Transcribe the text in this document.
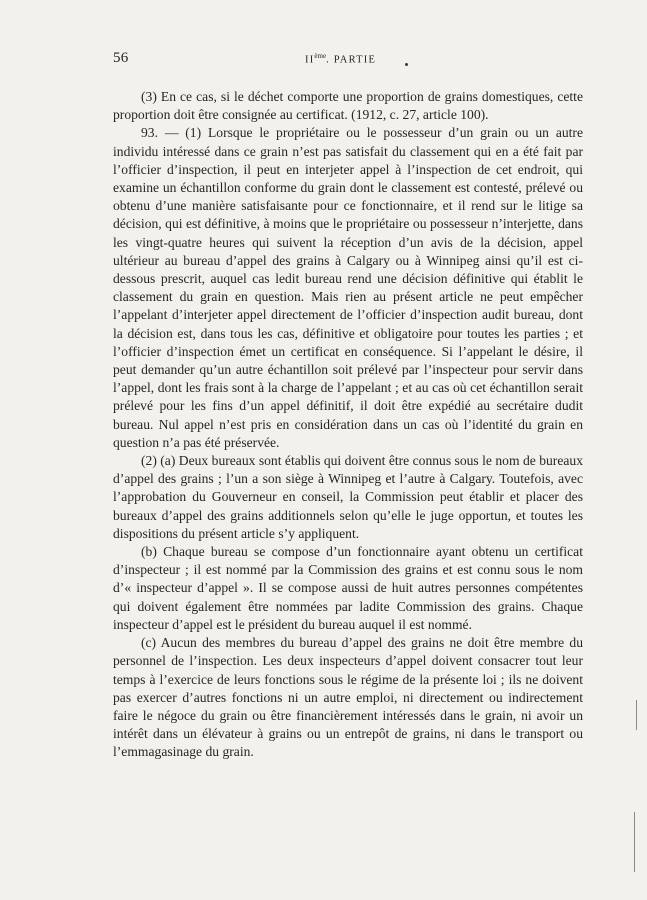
56	IIème. PARTIE

(3) En ce cas, si le déchet comporte une proportion de grains domestiques, cette proportion doit être consignée au certificat. (1912, c. 27, article 100).

93. — (1) Lorsque le propriétaire ou le possesseur d’un grain ou un autre individu intéressé dans ce grain n’est pas satisfait du classement qui en a été fait par l’officier d’inspection, il peut en interjeter appel à l’inspection de cet endroit, qui examine un échantillon conforme du grain dont le classement est contesté, prélevé ou obtenu d’une manière satisfaisante pour ce fonctionnaire, et il rend sur le litige sa décision, qui est définitive, à moins que le propriétaire ou possesseur n’interjette, dans les vingt-quatre heures qui suivent la réception d’un avis de la décision, appel ultérieur au bureau d’appel des grains à Calgary ou à Winnipeg ainsi qu’il est ci-dessous prescrit, auquel cas ledit bureau rend une décision définitive qui établit le classement du grain en question. Mais rien au présent article ne peut empêcher l’appelant d’interjeter appel directement de l’officier d’inspection audit bureau, dont la décision est, dans tous les cas, définitive et obligatoire pour toutes les parties ; et l’officier d’inspection émet un certificat en conséquence. Si l’appelant le désire, il peut demander qu’un autre échantillon soit prélevé par l’inspecteur pour servir dans l’appel, dont les frais sont à la charge de l’appelant ; et au cas où cet échantillon serait prélevé pour les fins d’un appel définitif, il doit être expédié au secrétaire dudit bureau. Nul appel n’est pris en considération dans un cas où l’identité du grain en question n’a pas été préservée.

(2) (a) Deux bureaux sont établis qui doivent être connus sous le nom de bureaux d’appel des grains ; l’un a son siège à Winnipeg et l’autre à Calgary. Toutefois, avec l’approbation du Gouverneur en conseil, la Commission peut établir et placer des bureaux d’appel des grains additionnels selon qu’elle le juge opportun, et toutes les dispositions du présent article s’y appliquent.

(b) Chaque bureau se compose d’un fonctionnaire ayant obtenu un certificat d’inspecteur ; il est nommé par la Commission des grains et est connu sous le nom d’« inspecteur d’appel ». Il se compose aussi de huit autres personnes compétentes qui doivent également être nommées par ladite Commission des grains. Chaque inspecteur d’appel est le président du bureau auquel il est nommé.

(c) Aucun des membres du bureau d’appel des grains ne doit être membre du personnel de l’inspection. Les deux inspecteurs d’appel doivent consacrer tout leur temps à l’exercice de leurs fonctions sous le régime de la présente loi ; ils ne doivent pas exercer d’autres fonctions ni un autre emploi, ni directement ou indirectement faire le négoce du grain ou être financièrement intéressés dans le grain, ni avoir un intérêt dans un élévateur à grains ou un entrepôt de grains, ni dans le transport ou l’emmagasinage du grain.
